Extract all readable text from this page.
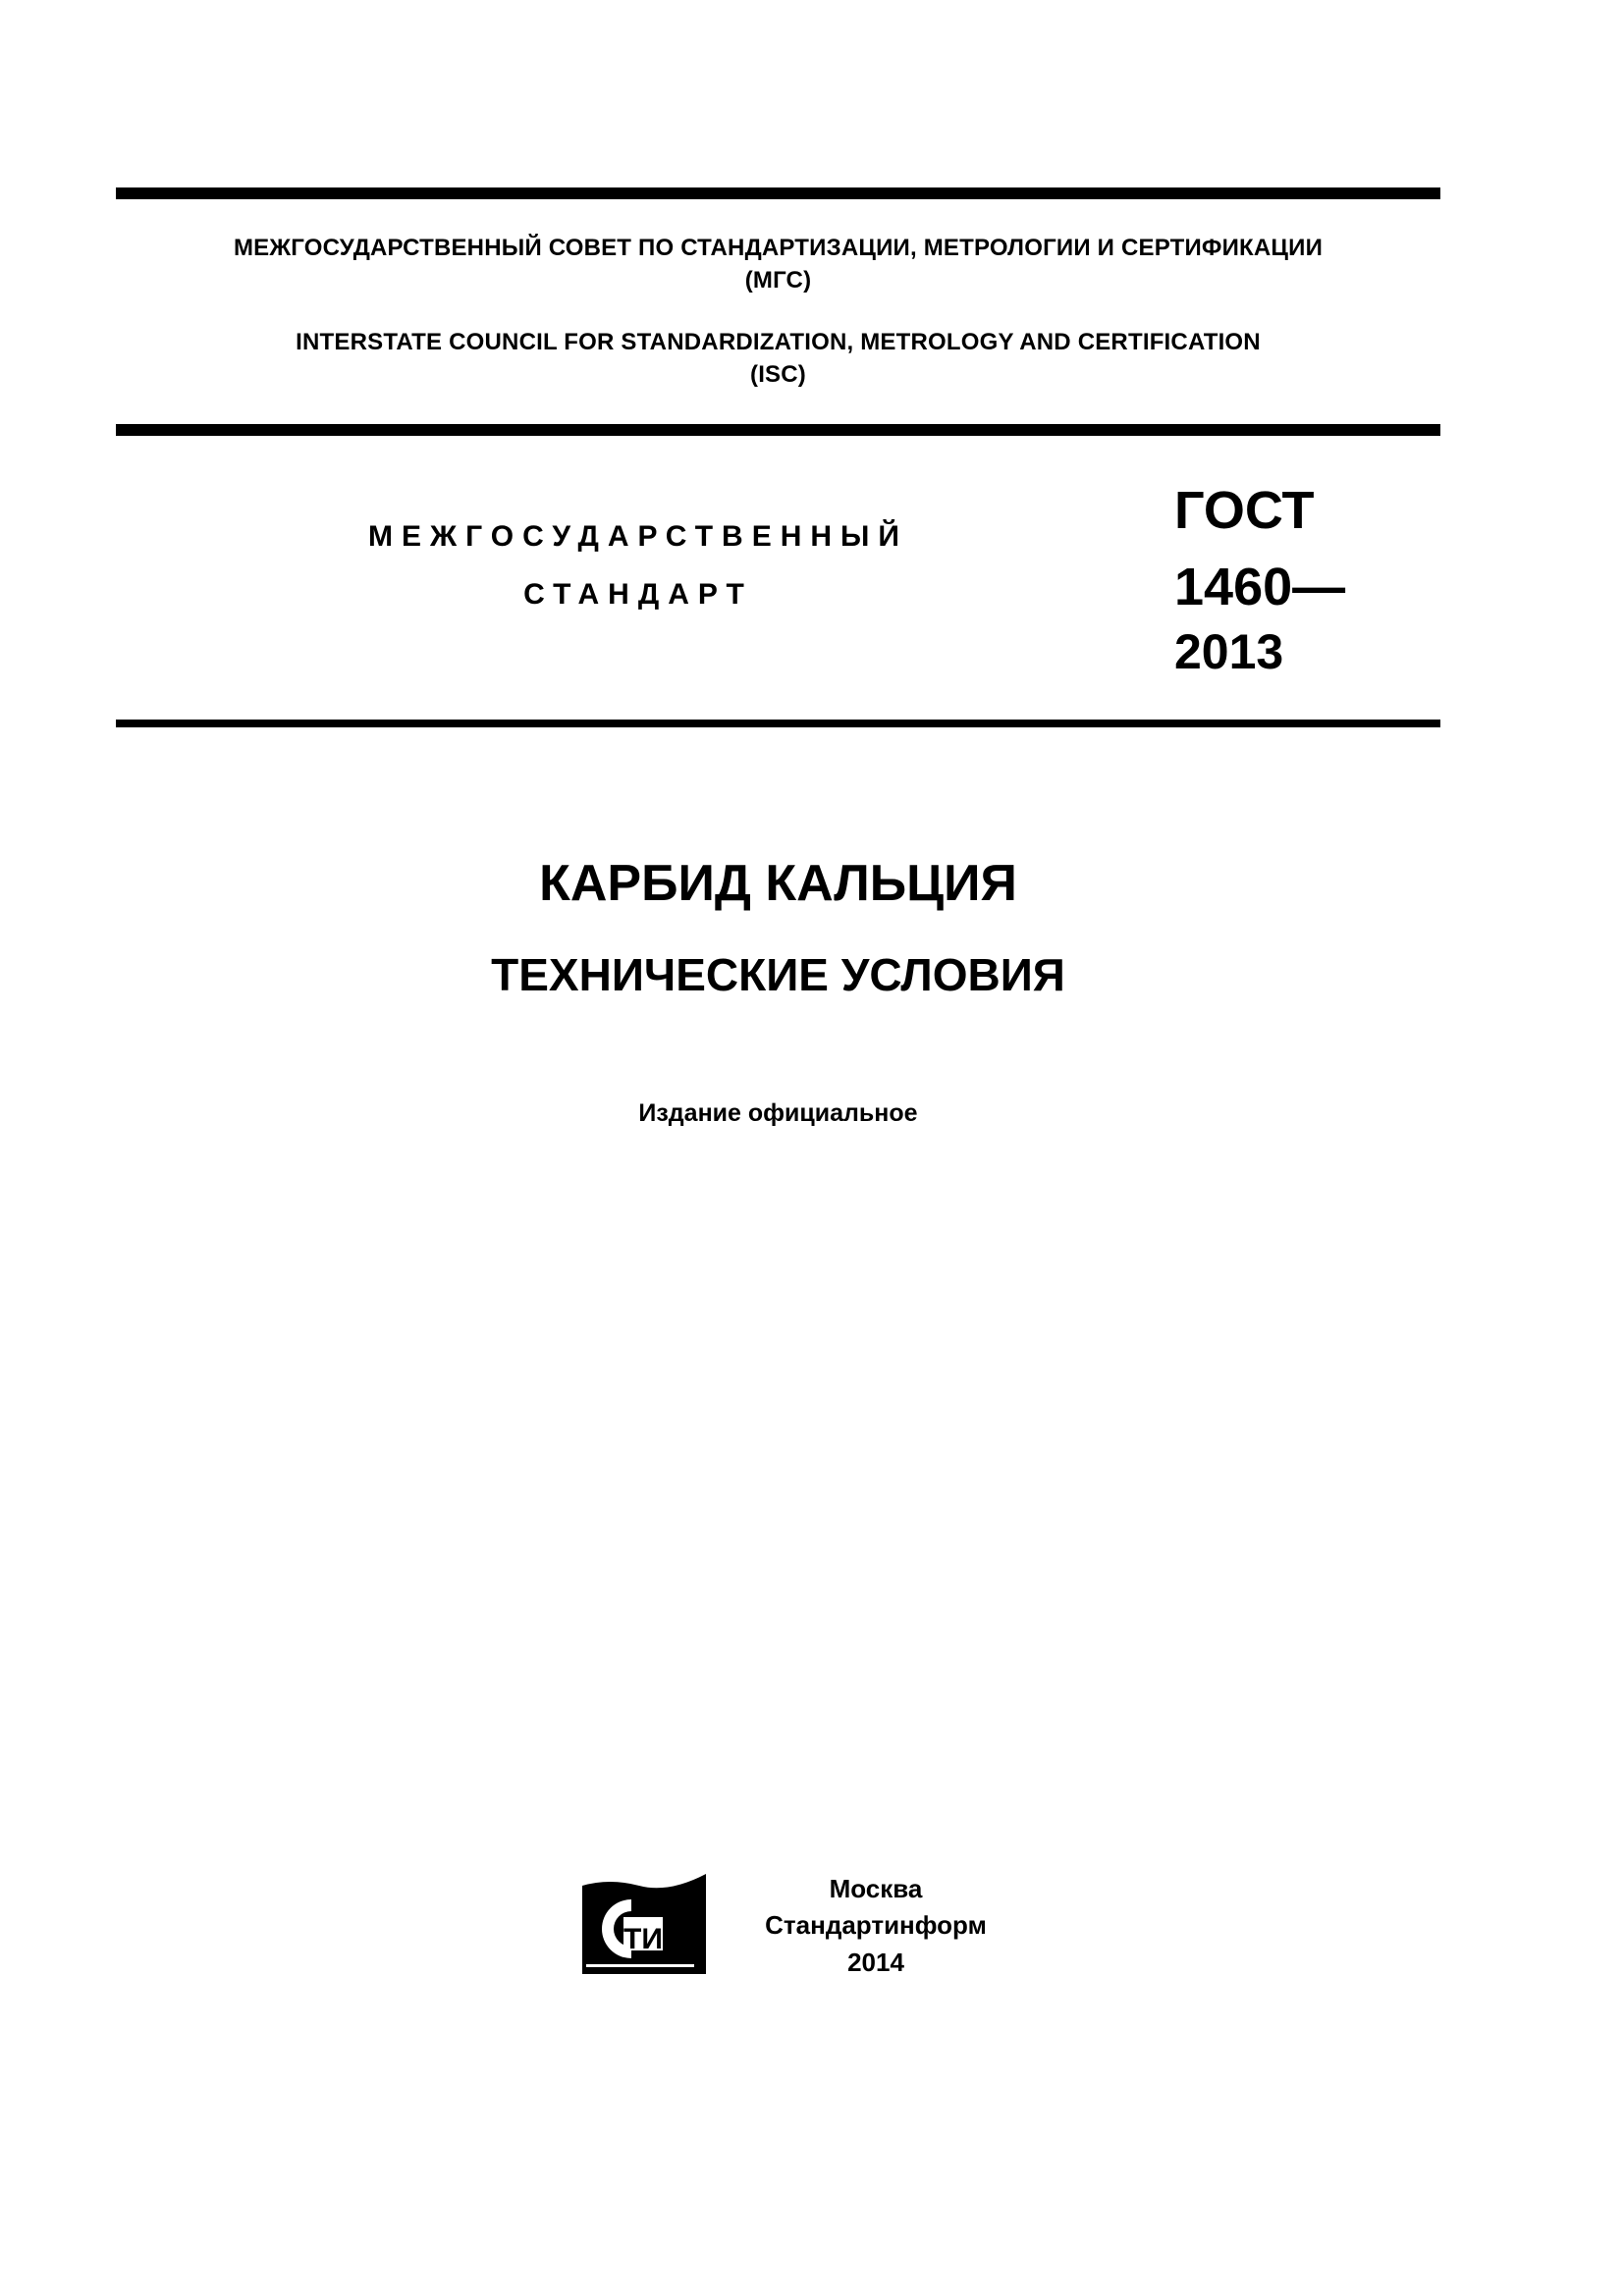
МЕЖГОСУДАРСТВЕННЫЙ СОВЕТ ПО СТАНДАРТИЗАЦИИ, МЕТРОЛОГИИ И СЕРТИФИКАЦИИ
(МГС)
INTERSTATE COUNCIL FOR STANDARDIZATION, METROLOGY AND CERTIFICATION
(ISC)
МЕЖГОСУДАРСТВЕННЫЙ
СТАНДАРТ
ГОСТ
1460—
2013
КАРБИД КАЛЬЦИЯ
ТЕХНИЧЕСКИЕ УСЛОВИЯ
Издание официальное
ТИ
Москва
Стандартинформ
2014
